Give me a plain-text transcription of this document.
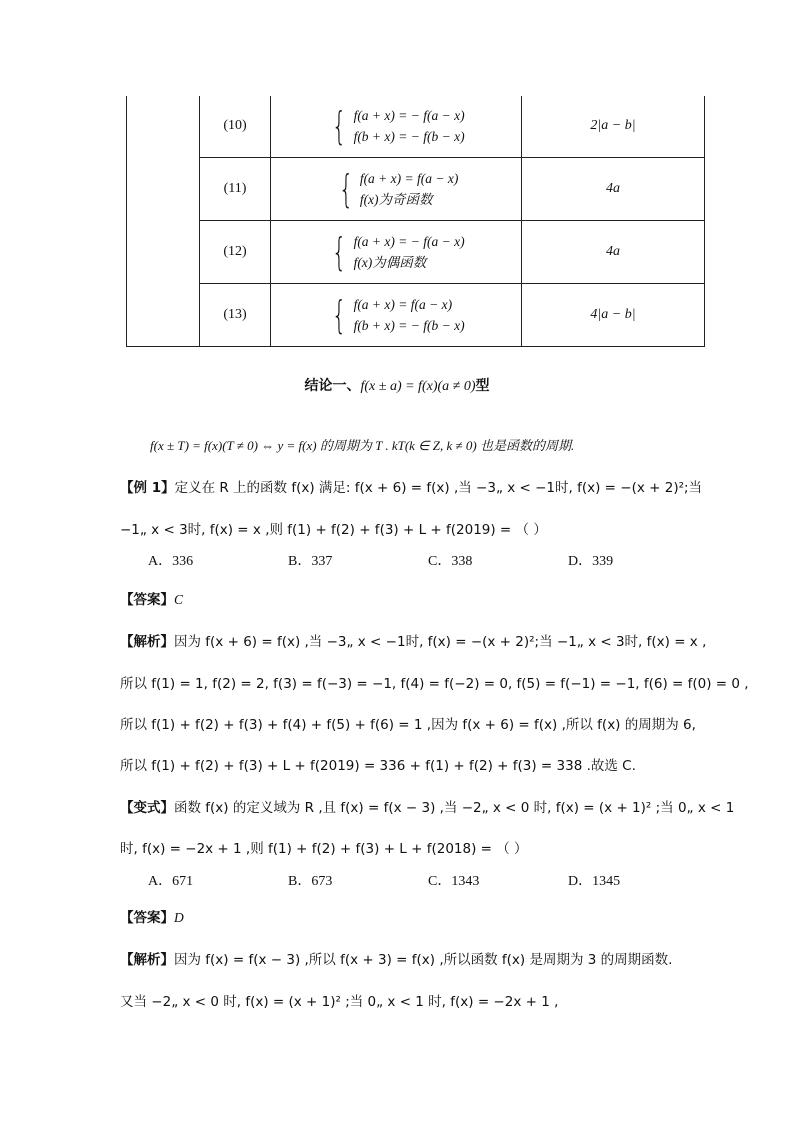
	(10)	{ f(a + x) = − f(a − x)
f(b + x) = − f(b − x)	2|a − b|
	(11)	{ f(a + x) = f(a − x)
f(x)为奇函数	4a
	(12)	{ f(a + x) = − f(a − x)
f(x)为偶函数	4a
	(13)	{ f(a + x) = f(a − x)
f(b + x) = − f(b − x)	4|a − b|
结论一、f(x ± a) = f(x)(a ≠ 0)型
f(x ± T) = f(x)(T ≠ 0) ⇔ y = f(x) 的周期为 T . kT(k ∈ Z, k ≠ 0) 也是函数的周期.
【例 1】定义在 R 上的函数 f(x) 满足: f(x + 6) = f(x) ,当 −3„ x < −1时, f(x) = −(x + 2)²;当
−1„ x < 3时, f(x) = x ,则 f(1) + f(2) + f(3) + L + f(2019) = （ ）
A．336	B．337	C．338	D．339
【答案】C
【解析】因为 f(x + 6) = f(x) ,当 −3„ x < −1时, f(x) = −(x + 2)²;当 −1„ x < 3时, f(x) = x ,
所以 f(1) = 1, f(2) = 2, f(3) = f(−3) = −1, f(4) = f(−2) = 0, f(5) = f(−1) = −1, f(6) = f(0) = 0 ,
所以 f(1) + f(2) + f(3) + f(4) + f(5) + f(6) = 1 ,因为 f(x + 6) = f(x) ,所以 f(x) 的周期为 6,
所以 f(1) + f(2) + f(3) + L + f(2019) = 336 + f(1) + f(2) + f(3) = 338 .故选 C.
【变式】函数 f(x) 的定义域为 R ,且 f(x) = f(x − 3) ,当 −2„ x < 0 时, f(x) = (x + 1)² ;当 0„ x < 1
时, f(x) = −2x + 1 ,则 f(1) + f(2) + f(3) + L + f(2018) = （ ）
A．671	B．673	C．1343	D．1345
【答案】D
【解析】因为 f(x) = f(x − 3) ,所以 f(x + 3) = f(x) ,所以函数 f(x) 是周期为 3 的周期函数.
又当 −2„ x < 0 时, f(x) = (x + 1)² ;当 0„ x < 1 时, f(x) = −2x + 1 ,
